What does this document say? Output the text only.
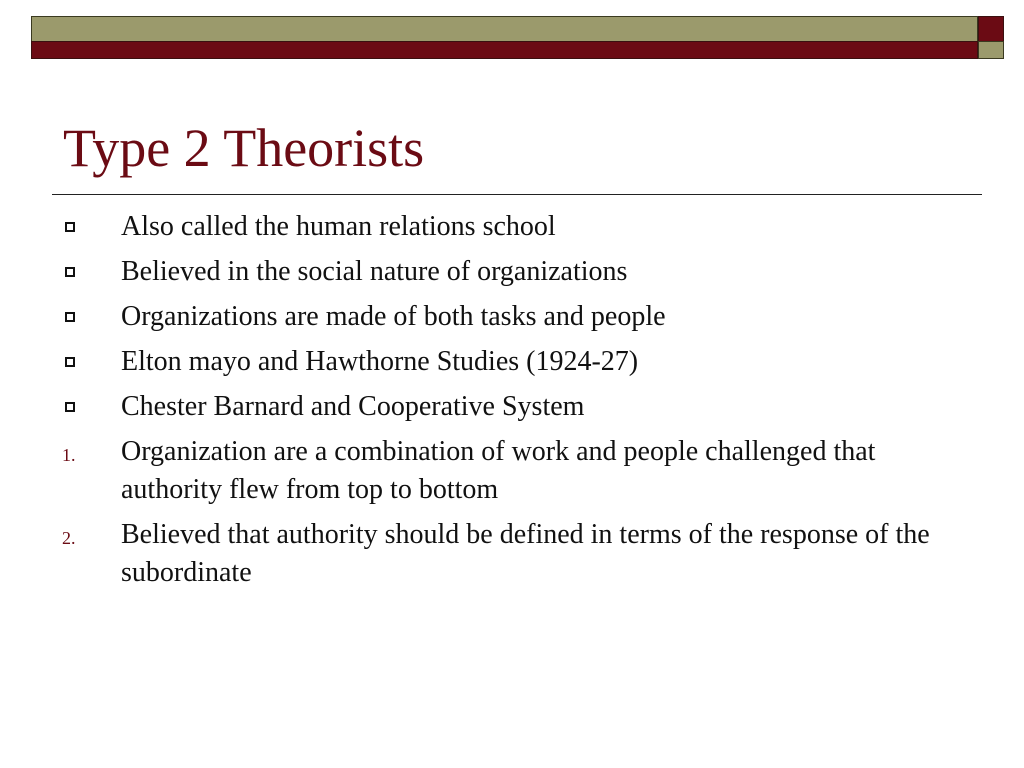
Type 2 Theorists
Also called the human relations school
Believed in the social nature of organizations
Organizations are made of both tasks and people
Elton mayo and Hawthorne Studies (1924-27)
Chester Barnard and Cooperative System
1. Organization are a combination of work and people challenged that authority flew from top to bottom
2. Believed that authority should be defined in terms of the response of the subordinate
